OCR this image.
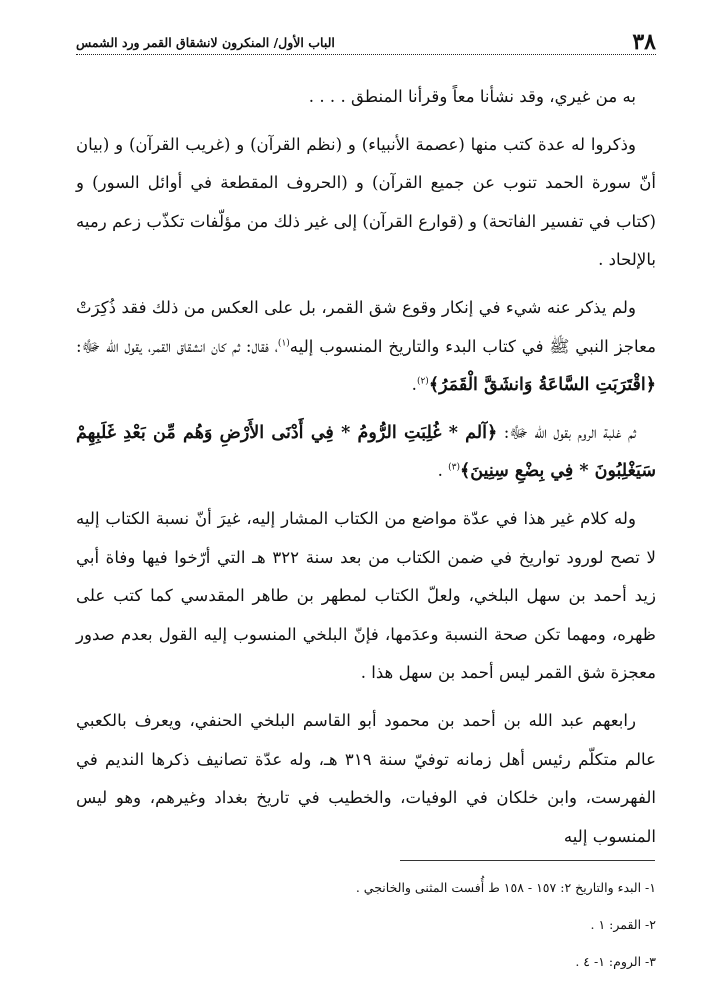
٣٨
الباب الأول/ المنكرون لانشقاق القمر ورد الشمس

به من غيري، وقد نشأنا معاً وقرأنا المنطق . . . .

وذكروا له عدة كتب منها (عصمة الأنبياء) و (نظم القرآن) و (غريب القرآن) و (بيان أنّ سورة الحمد تنوب عن جميع القرآن) و (الحروف المقطعة في أوائل السور) و (كتاب في تفسير الفاتحة) و (قوارع القرآن) إلى غير ذلك من مؤلّفات تكذّب زعم رميه بالإلحاد .

ولم يذكر عنه شيء في إنكار وقوع شق القمر، بل على العكس من ذلك فقد ذُكِرَتْ معاجز النبي ﷺ في كتاب البدء والتاريخ المنسوب إليه$^{(١)}$، فقال: ثم كان انشقاق القمر، يقول الله ﷻ: ﴿اقْتَرَبَتِ السَّاعَةُ وَانشَقَّ الْقَمَرُ﴾$^{(٢)}$.

ثم غلبة الروم بقول الله ﷻ: ﴿آلم * غُلِبَتِ الرُّومُ * فِي أَدْنَى الأَرْضِ وَهُم مِّن بَعْدِ غَلَبِهِمْ سَيَغْلِبُونَ * فِي بِضْعِ سِنِينَ﴾$^{(٣)}$ .

وله كلام غير هذا في عدّة مواضع من الكتاب المشار إليه، غيرَ أنّ نسبة الكتاب إليه لا تصح لورود تواريخ في ضمن الكتاب من بعد سنة ٣٢٢ هـ التي أرّخوا فيها وفاة أبي زيد أحمد بن سهل البلخي، ولعلّ الكتاب لمطهر بن طاهر المقدسي كما كتب على ظهره، ومهما تكن صحة النسبة وعدَمها، فإنّ البلخي المنسوب إليه القول بعدم صدور معجزة شق القمر ليس أحمد بن سهل هذا .

رابعهم عبد الله بن أحمد بن محمود أبو القاسم البلخي الحنفي، ويعرف بالكعبي عالم متكلّم رئيس أهل زمانه توفيّ سنة ٣١٩ هـ، وله عدّة تصانيف ذكرها النديم في الفهرست، وابن خلكان في الوفيات، والخطيب في تاريخ بغداد وغيرهم، وهو ليس المنسوب إليه

١- البدء والتاريخ ٢: ١٥٧ - ١٥٨ ط أُفست المثنى والخانجي .

٢- القمر: ١ .

٣- الروم: ١- ٤ .
